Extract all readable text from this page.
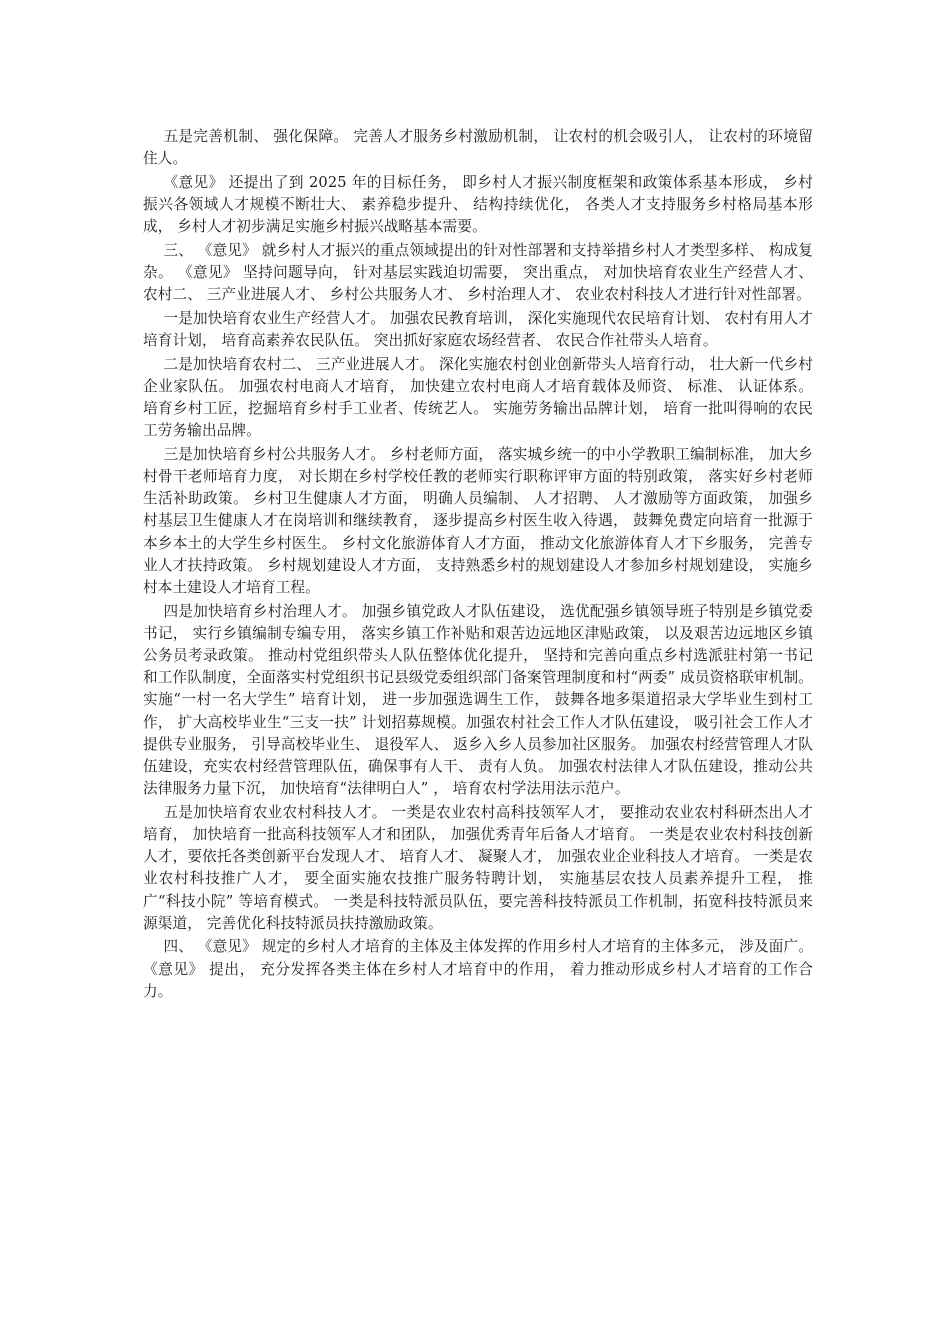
五是完善机制、 强化保障。 完善人才服务乡村激励机制， 让农村的机会吸引人， 让农村的环境留住人。

《意见》 还提出了到 2025 年的目标任务， 即乡村人才振兴制度框架和政策体系基本形成， 乡村振兴各领域人才规模不断壮大、 素养稳步提升、 结构持续优化， 各类人才支持服务乡村格局基本形成， 乡村人才初步满足实施乡村振兴战略基本需要。

三、 《意见》 就乡村人才振兴的重点领域提出的针对性部署和支持举措乡村人才类型多样、 构成复杂。 《意见》 坚持问题导向， 针对基层实践迫切需要， 突出重点， 对加快培育农业生产经营人才、 农村二、 三产业进展人才、 乡村公共服务人才、 乡村治理人才、 农业农村科技人才进行针对性部署。

一是加快培育农业生产经营人才。 加强农民教育培训， 深化实施现代农民培育计划、 农村有用人才培育计划， 培育高素养农民队伍。 突出抓好家庭农场经营者、 农民合作社带头人培育。

二是加快培育农村二、 三产业进展人才。 深化实施农村创业创新带头人培育行动， 壮大新一代乡村企业家队伍。 加强农村电商人才培育， 加快建立农村电商人才培育载体及师资、 标准、 认证体系。 培育乡村工匠，挖掘培育乡村手工业者、传统艺人。 实施劳务输出品牌计划， 培育一批叫得响的农民工劳务输出品牌。

三是加快培育乡村公共服务人才。 乡村老师方面， 落实城乡统一的中小学教职工编制标准， 加大乡村骨干老师培育力度， 对长期在乡村学校任教的老师实行职称评审方面的特别政策， 落实好乡村老师生活补助政策。 乡村卫生健康人才方面， 明确人员编制、 人才招聘、 人才激励等方面政策， 加强乡村基层卫生健康人才在岗培训和继续教育， 逐步提高乡村医生收入待遇， 鼓舞免费定向培育一批源于本乡本土的大学生乡村医生。 乡村文化旅游体育人才方面， 推动文化旅游体育人才下乡服务， 完善专业人才扶持政策。 乡村规划建设人才方面， 支持熟悉乡村的规划建设人才参加乡村规划建设， 实施乡村本土建设人才培育工程。

四是加快培育乡村治理人才。 加强乡镇党政人才队伍建设， 选优配强乡镇领导班子特别是乡镇党委书记， 实行乡镇编制专编专用， 落实乡镇工作补贴和艰苦边远地区津贴政策， 以及艰苦边远地区乡镇公务员考录政策。 推动村党组织带头人队伍整体优化提升， 坚持和完善向重点乡村选派驻村第一书记和工作队制度，全面落实村党组织书记县级党委组织部门备案管理制度和村“两委” 成员资格联审机制。 实施“一村一名大学生” 培育计划， 进一步加强选调生工作， 鼓舞各地多渠道招录大学毕业生到村工作， 扩大高校毕业生“三支一扶” 计划招募规模。加强农村社会工作人才队伍建设， 吸引社会工作人才提供专业服务， 引导高校毕业生、 退役军人、 返乡入乡人员参加社区服务。 加强农村经营管理人才队伍建设，充实农村经营管理队伍，确保事有人干、 责有人负。 加强农村法律人才队伍建设，推动公共法律服务力量下沉， 加快培育“法律明白人” ， 培育农村学法用法示范户。

五是加快培育农业农村科技人才。 一类是农业农村高科技领军人才， 要推动农业农村科研杰出人才培育， 加快培育一批高科技领军人才和团队， 加强优秀青年后备人才培育。 一类是农业农村科技创新人才，要依托各类创新平台发现人才、 培育人才、 凝聚人才， 加强农业企业科技人才培育。 一类是农业农村科技推广人才， 要全面实施农技推广服务特聘计划， 实施基层农技人员素养提升工程， 推广“科技小院” 等培育模式。 一类是科技特派员队伍，要完善科技特派员工作机制，拓宽科技特派员来源渠道， 完善优化科技特派员扶持激励政策。

四、 《意见》 规定的乡村人才培育的主体及主体发挥的作用乡村人才培育的主体多元， 涉及面广。 《意见》 提出， 充分发挥各类主体在乡村人才培育中的作用， 着力推动形成乡村人才培育的工作合力。
